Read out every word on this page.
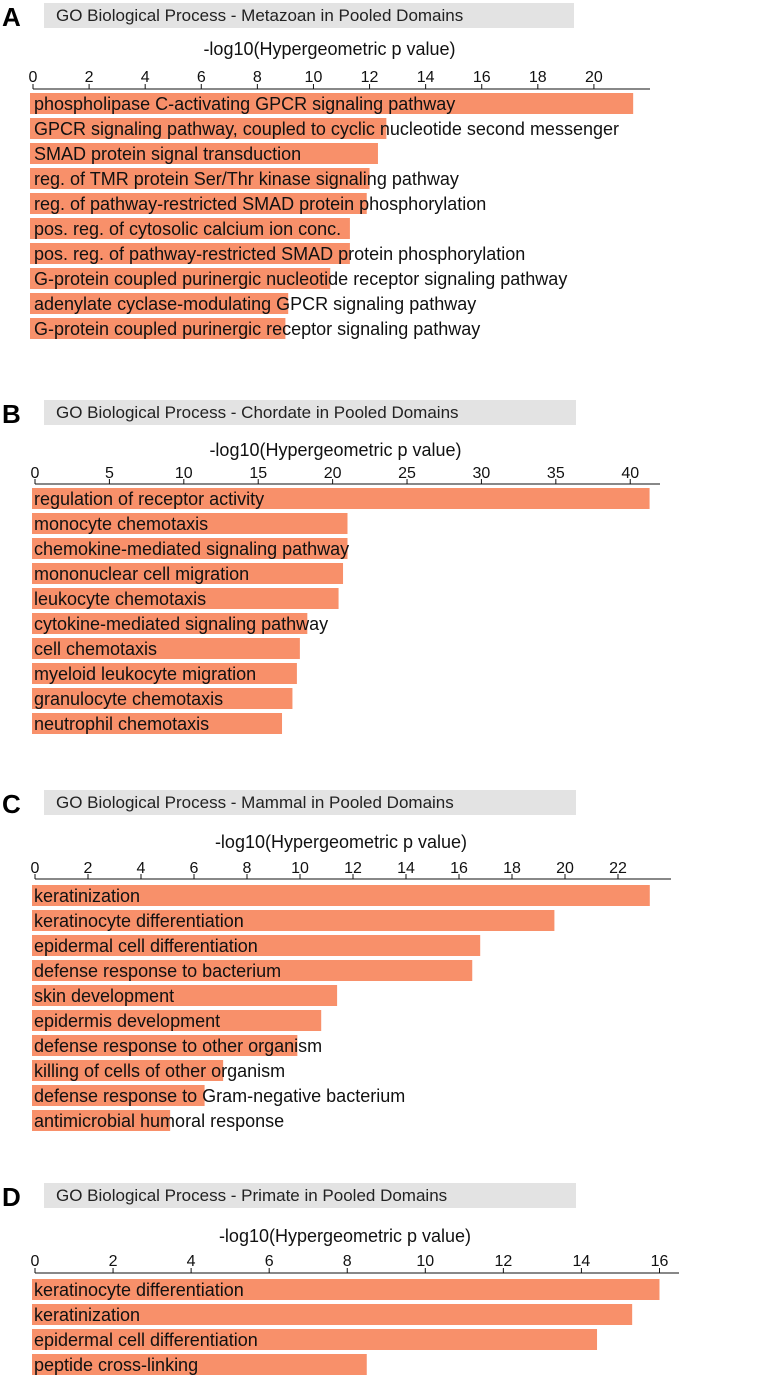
A GO Biological Process - Metazoan in Pooled Domains
-log10(Hypergeometric p value)
0	2	4	6	8	10 12 14 16 18 20
phospholipase C-activating GPCR signaling pathway
GPCR signaling pathway, coupled to cyclic nucleotide second messenger
SMAD protein signal transduction
reg. of TMR protein Ser/Thr kinase signaling pathway
reg. of pathway-restricted SMAD protein phosphorylation
pos. reg. of cytosolic calcium ion conc.
pos. reg. of pathway-restricted SMAD protein phosphorylation
G-protein coupled purinergic nucleotide receptor signaling pathway
adenylate cyclase-modulating GPCR signaling pathway
G-protein coupled purinergic receptor signaling pathway
B GO Biological Process - Chordate in Pooled Domains
-log10(Hypergeometric p value)
0	5	10	15	20	25	30	35	40
regulation of receptor activity
monocyte chemotaxis
chemokine-mediated signaling pathway
mononuclear cell migration
leukocyte chemotaxis
cytokine-mediated signaling pathway
cell chemotaxis
myeloid leukocyte migration
granulocyte chemotaxis
neutrophil chemotaxis
C GO Biological Process - Mammal in Pooled Domains
-log10(Hypergeometric p value)
0	2	4	6	8 10 12 14 16 18 20 22
keratinization
keratinocyte differentiation
epidermal cell differentiation
defense response to bacterium
skin development
epidermis development
defense response to other organism
killing of cells of other organism
defense response to Gram-negative bacterium
antimicrobial humoral response
D GO Biological Process - Primate in Pooled Domains
-log10(Hypergeometric p value)
0	2	4	6	8	10	12	14	16
keratinocyte differentiation
keratinization
epidermal cell differentiation
peptide cross-linking
